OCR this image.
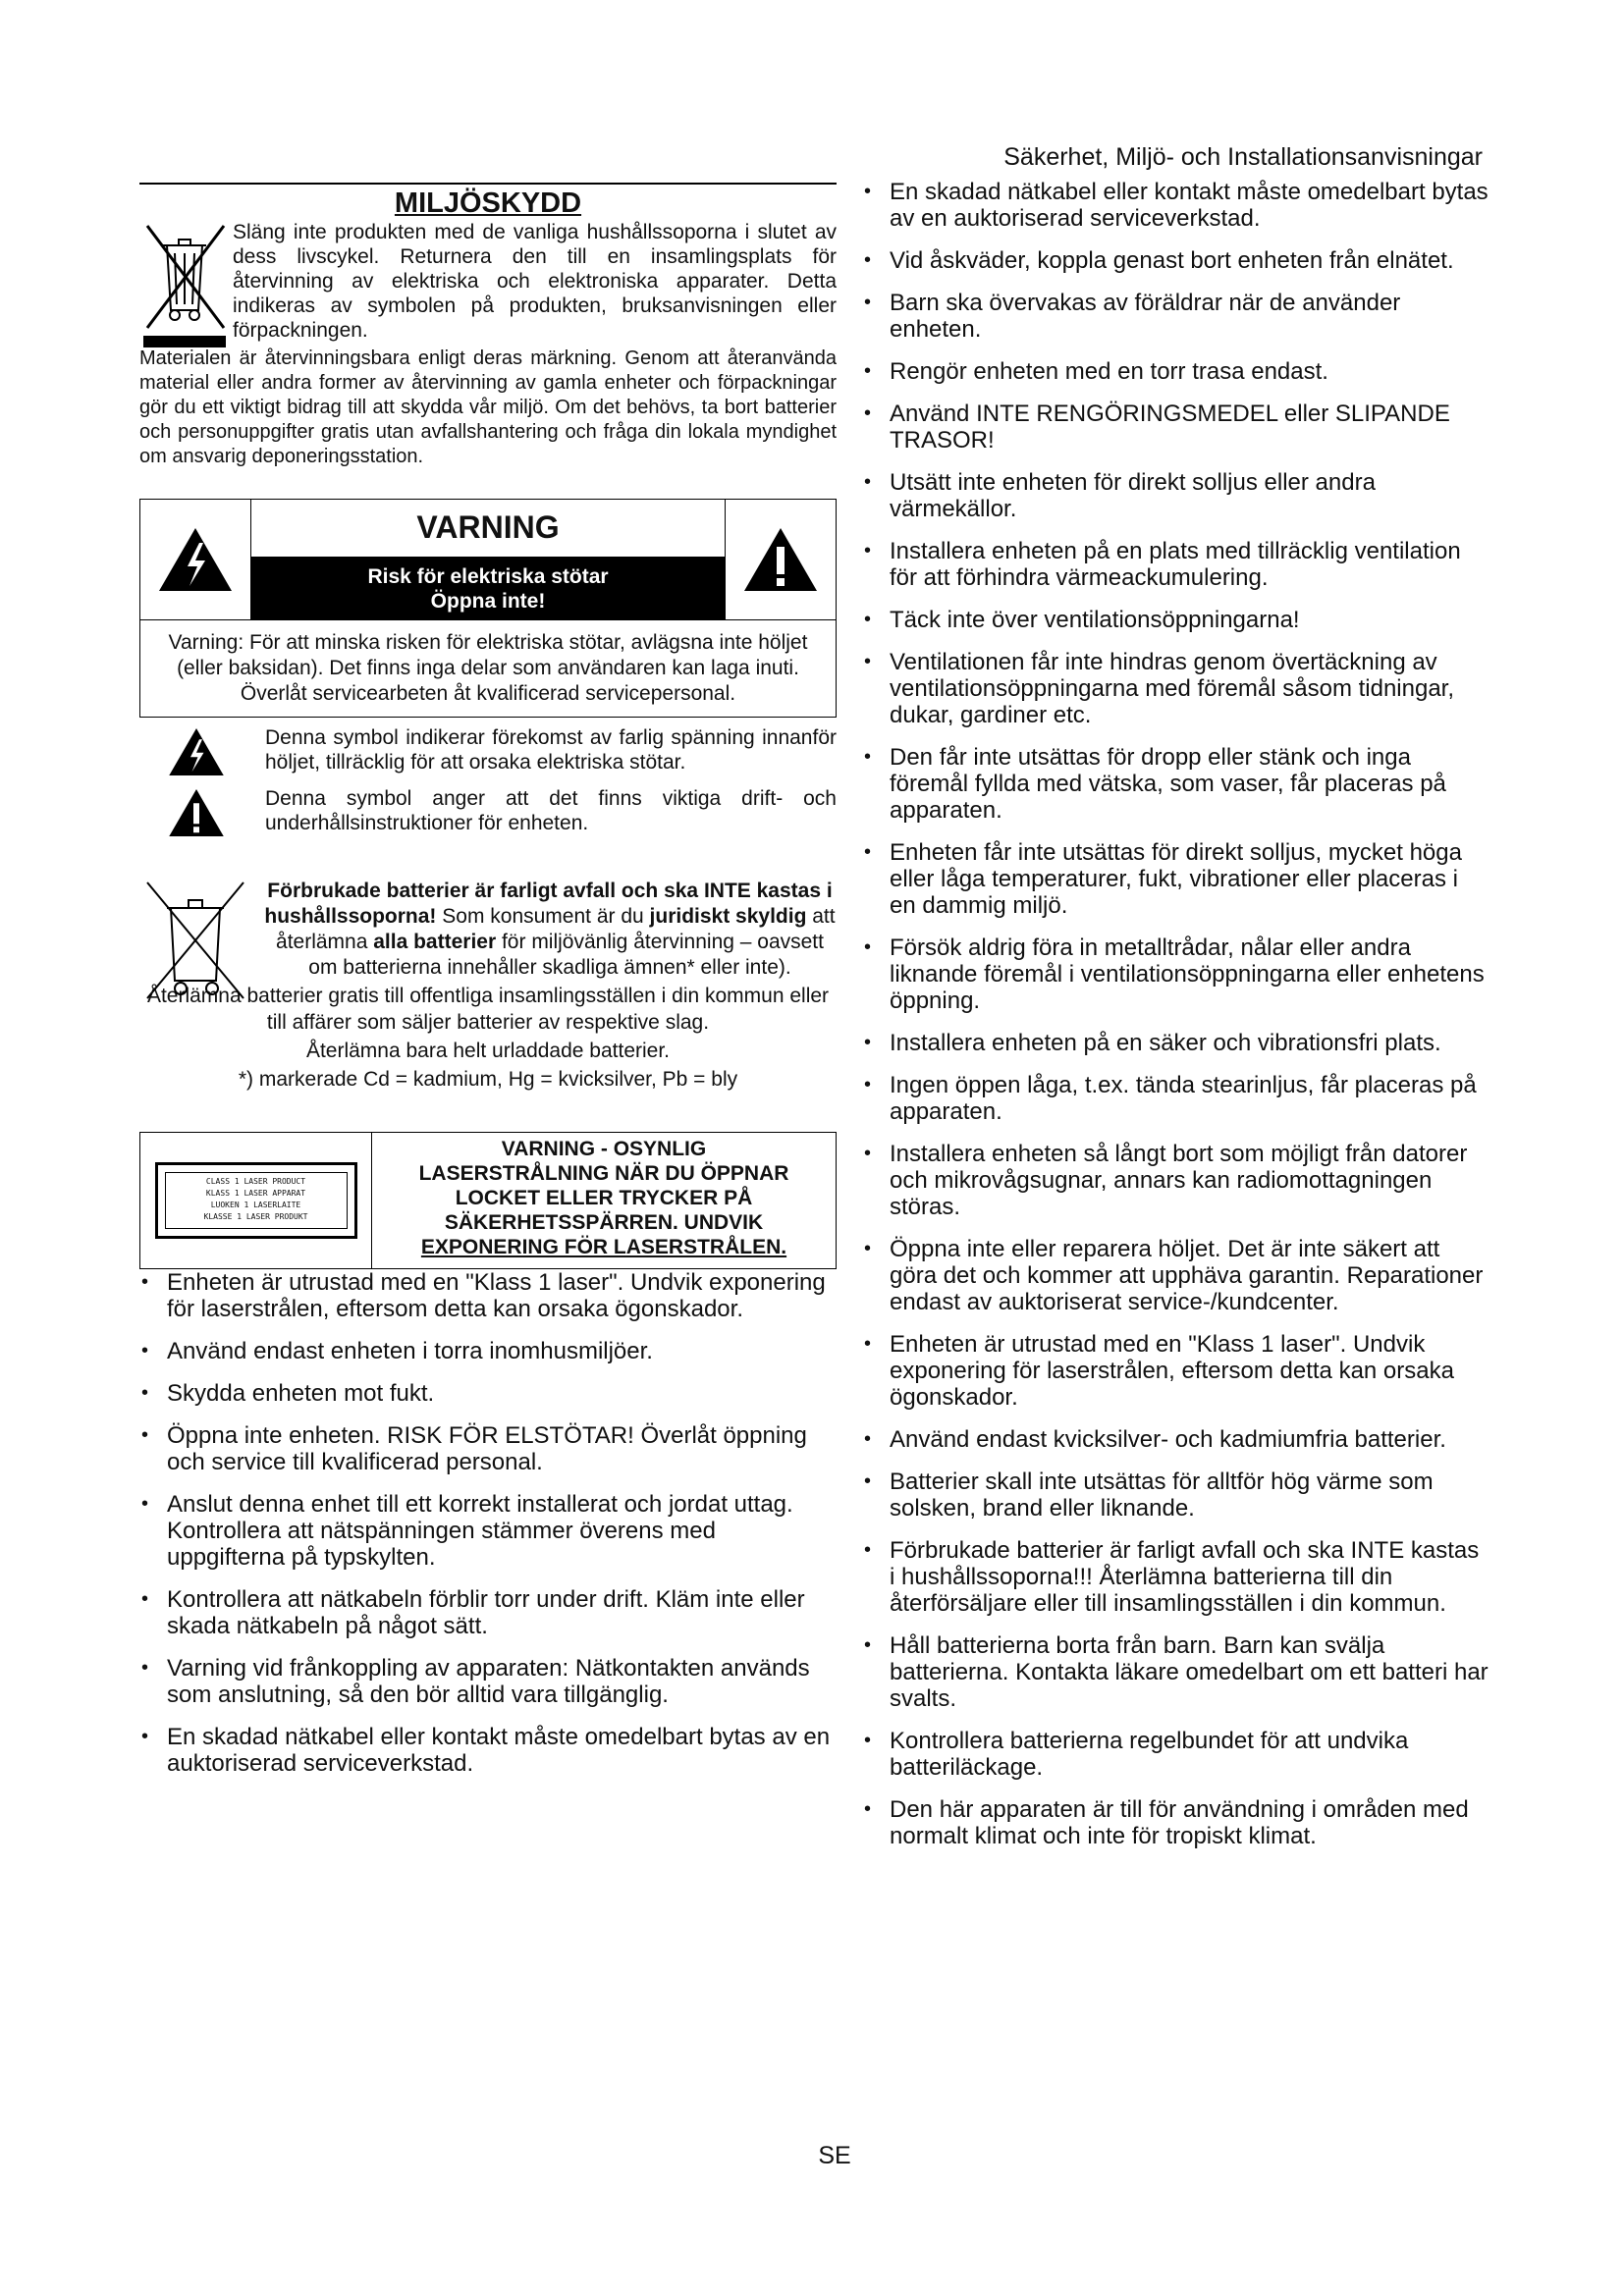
Säkerhet, Miljö- och Installationsanvisningar
MILJÖSKYDD
Släng inte produkten med de vanliga hushållssoporna i slutet av dess livscykel. Returnera den till en insamlingsplats för återvinning av elektriska och elektroniska apparater. Detta indikeras av symbolen på produkten, bruksanvisningen eller förpackningen.
Materialen är återvinningsbara enligt deras märkning. Genom att återanvända material eller andra former av återvinning av gamla enheter och förpackningar gör du ett viktigt bidrag till att skydda vår miljö. Om det behövs, ta bort batterier och personuppgifter gratis utan avfallshantering och fråga din lokala myndighet om ansvarig deponeringsstation.
VARNING
Risk för elektriska stötar
Öppna inte!
Varning: För att minska risken för elektriska stötar, avlägsna inte höljet (eller baksidan). Det finns inga delar som användaren kan laga inuti. Överlåt servicearbeten åt kvalificerad servicepersonal.
Denna symbol indikerar förekomst av farlig spänning innanför höljet, tillräcklig för att orsaka elektriska stötar.
Denna symbol anger att det finns viktiga drift- och underhållsinstruktioner för enheten.
Förbrukade batterier är farligt avfall och ska INTE kastas i hushållssoporna! Som konsument är du juridiskt skyldig att återlämna alla batterier för miljövänlig återvinning – oavsett om batterierna innehåller skadliga ämnen* eller inte).
Återlämna batterier gratis till offentliga insamlingsställen i din kommun eller till affärer som säljer batterier av respektive slag.
Återlämna bara helt urladdade batterier.
*) markerade Cd = kadmium, Hg = kvicksilver, Pb = bly
CLASS 1 LASER PRODUCT
KLASS 1 LASER APPARAT
LUOKEN 1 LASERLAITE
KLASSE 1 LASER PRODUKT
VARNING - OSYNLIG
LASERSTRÅLNING NÄR DU ÖPPNAR
LOCKET ELLER TRYCKER PÅ
SÄKERHETSSPÄRREN. UNDVIK
EXPONERING FÖR LASERSTRÅLEN.
• Enheten är utrustad med en "Klass 1 laser". Undvik exponering för laserstrålen, eftersom detta kan orsaka ögonskador.
• Använd endast enheten i torra inomhusmiljöer.
• Skydda enheten mot fukt.
• Öppna inte enheten. RISK FÖR ELSTÖTAR! Överlåt öppning och service till kvalificerad personal.
• Anslut denna enhet till ett korrekt installerat och jordat uttag. Kontrollera att nätspänningen stämmer överens med uppgifterna på typskylten.
• Kontrollera att nätkabeln förblir torr under drift. Kläm inte eller skada nätkabeln på något sätt.
• Varning vid frånkoppling av apparaten: Nätkontakten används som anslutning, så den bör alltid vara tillgänglig.
• En skadad nätkabel eller kontakt måste omedelbart bytas av en auktoriserad serviceverkstad.
• En skadad nätkabel eller kontakt måste omedelbart bytas av en auktoriserad serviceverkstad.
• Vid åskväder, koppla genast bort enheten från elnätet.
• Barn ska övervakas av föräldrar när de använder enheten.
• Rengör enheten med en torr trasa endast.
• Använd INTE RENGÖRINGSMEDEL eller SLIPANDE TRASOR!
• Utsätt inte enheten för direkt solljus eller andra värmekällor.
• Installera enheten på en plats med tillräcklig ventilation för att förhindra värmeackumulering.
• Täck inte över ventilationsöppningarna!
• Ventilationen får inte hindras genom övertäckning av ventilationsöppningarna med föremål såsom tidningar, dukar, gardiner etc.
• Den får inte utsättas för dropp eller stänk och inga föremål fyllda med vätska, som vaser, får placeras på apparaten.
• Enheten får inte utsättas för direkt solljus, mycket höga eller låga temperaturer, fukt, vibrationer eller placeras i en dammig miljö.
• Försök aldrig föra in metalltrådar, nålar eller andra liknande föremål i ventilationsöppningarna eller enhetens öppning.
• Installera enheten på en säker och vibrationsfri plats.
• Ingen öppen låga, t.ex. tända stearinljus, får placeras på apparaten.
• Installera enheten så långt bort som möjligt från datorer och mikrovågsugnar, annars kan radiomottagningen störas.
• Öppna inte eller reparera höljet. Det är inte säkert att göra det och kommer att upphäva garantin. Reparationer endast av auktoriserat service-/kundcenter.
• Enheten är utrustad med en "Klass 1 laser". Undvik exponering för laserstrålen, eftersom detta kan orsaka ögonskador.
• Använd endast kvicksilver- och kadmiumfria batterier.
• Batterier skall inte utsättas för alltför hög värme som solsken, brand eller liknande.
• Förbrukade batterier är farligt avfall och ska INTE kastas i hushållssoporna!!! Återlämna batterierna till din återförsäljare eller till insamlingsställen i din kommun.
• Håll batterierna borta från barn. Barn kan svälja batterierna. Kontakta läkare omedelbart om ett batteri har svalts.
• Kontrollera batterierna regelbundet för att undvika batteriläckage.
• Den här apparaten är till för användning i områden med normalt klimat och inte för tropiskt klimat.
SE
